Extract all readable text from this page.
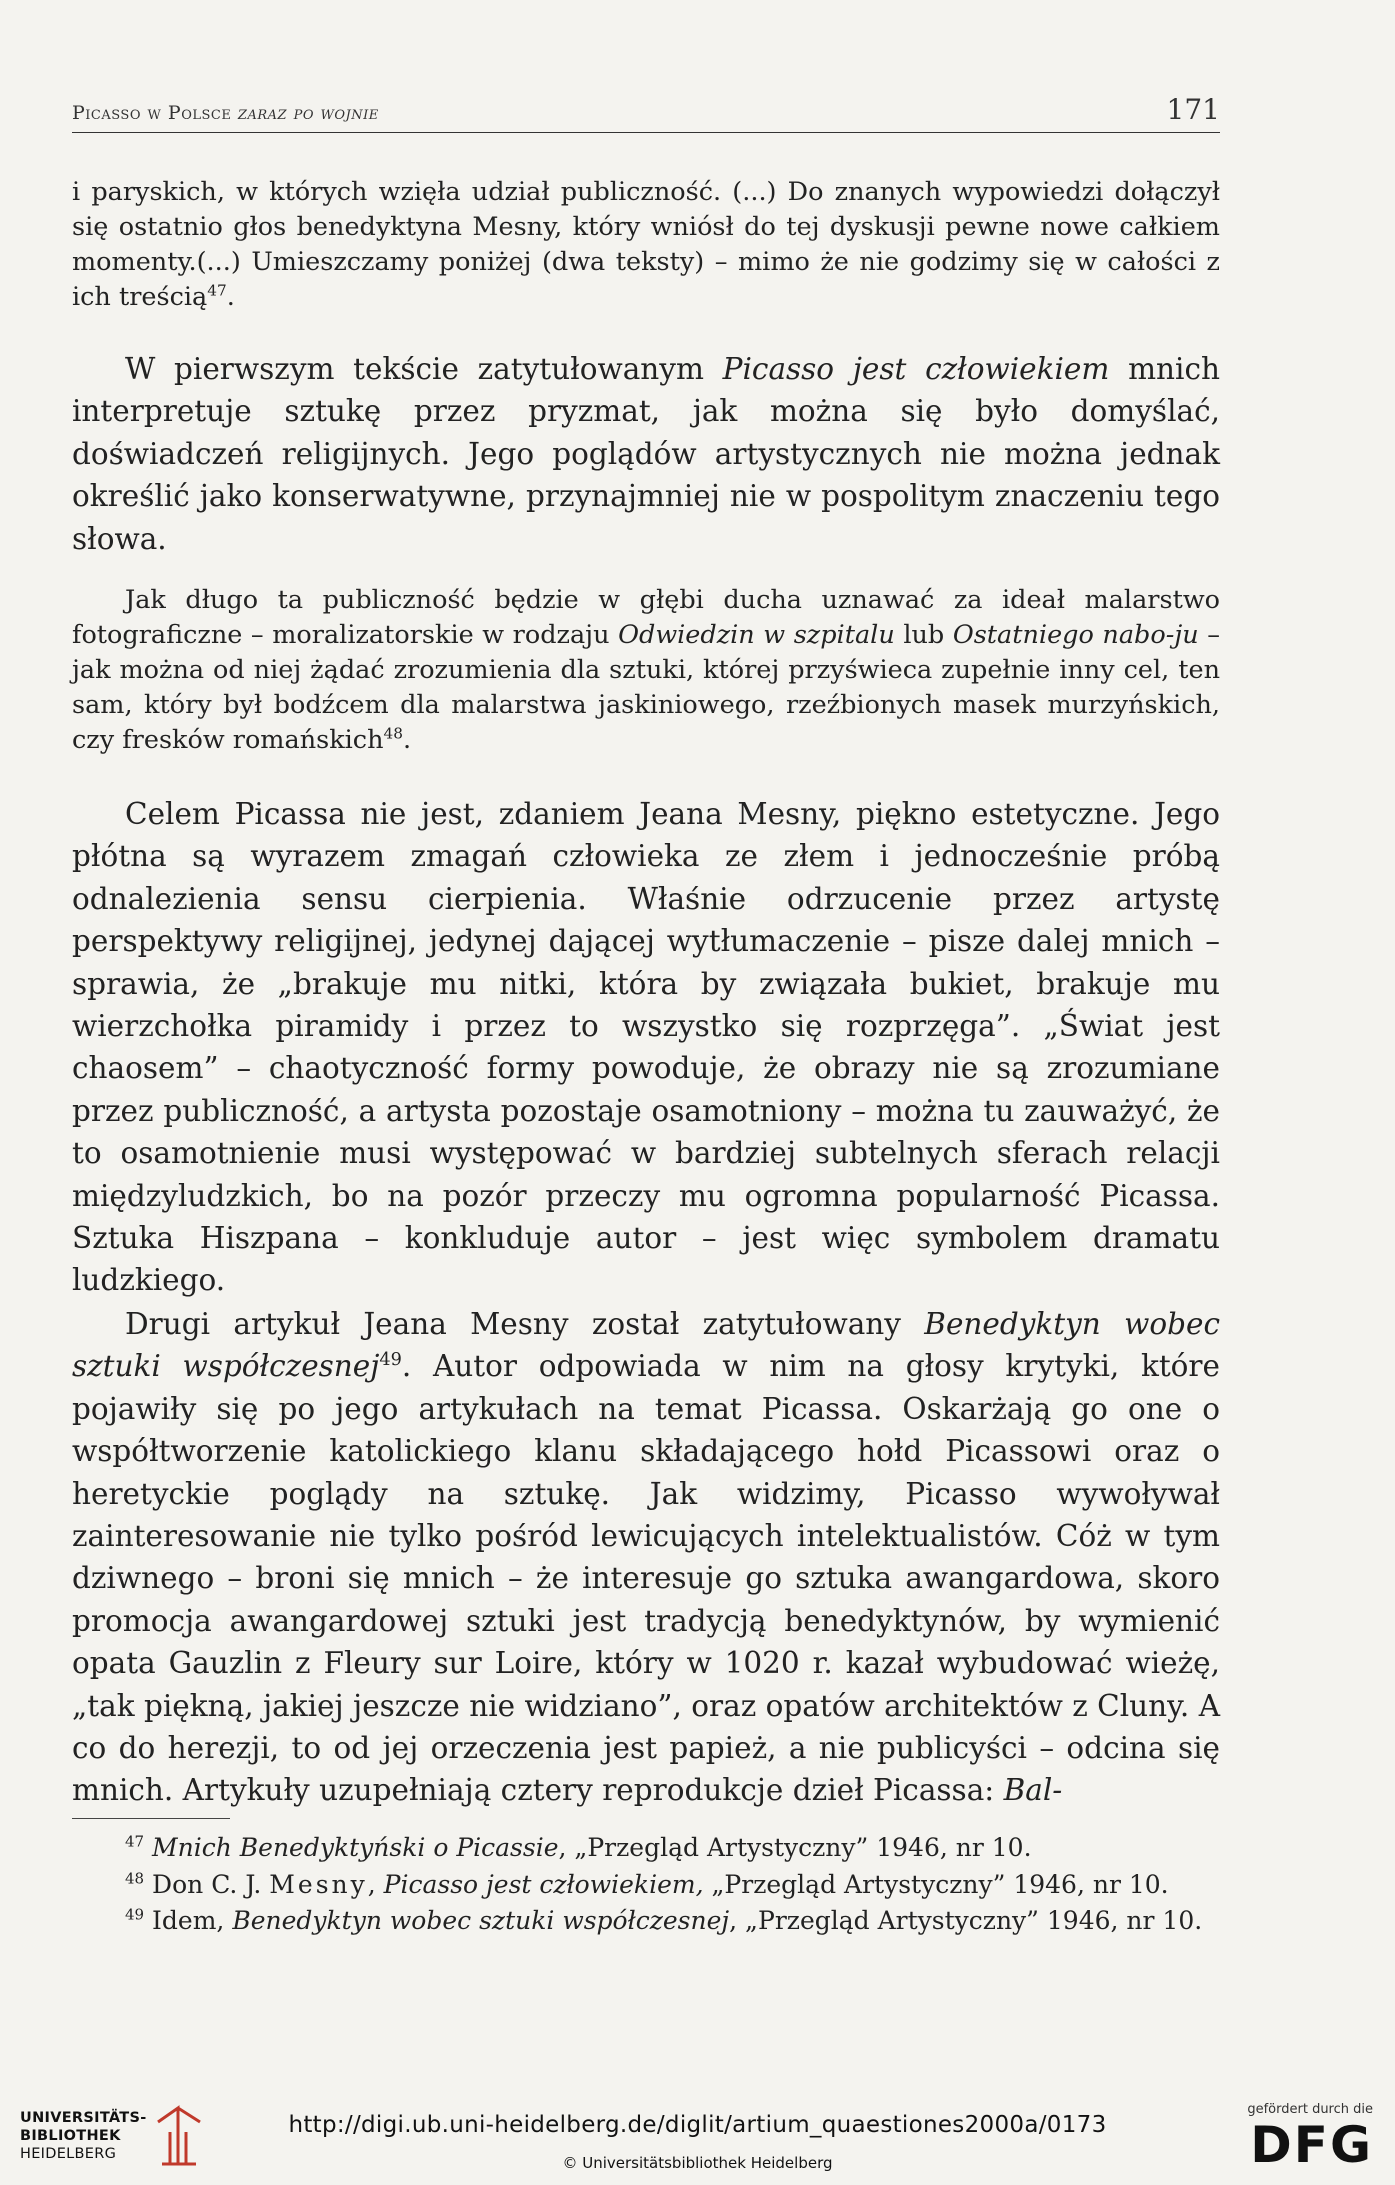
Picasso w Polsce zaraz po wojnie	171

i paryskich, w których wzięła udział publiczność. (...) Do znanych wypowiedzi dołączył się ostatnio głos benedyktyna Mesny, który wniósł do tej dyskusji pewne nowe całkiem momenty.(...) Umieszczamy poniżej (dwa teksty) – mimo że nie godzimy się w całości z ich treścią$^{47}$.

W pierwszym tekście zatytułowanym Picasso jest człowiekiem mnich interpretuje sztukę przez pryzmat, jak można się było domyślać, doświadczeń religijnych. Jego poglądów artystycznych nie można jednak określić jako konserwatywne, przynajmniej nie w pospolitym znaczeniu tego słowa.

Jak długo ta publiczność będzie w głębi ducha uznawać za ideał malarstwo fotograficzne – moralizatorskie w rodzaju Odwiedzin w szpitalu lub Ostatniego nabo-ju – jak można od niej żądać zrozumienia dla sztuki, której przyświeca zupełnie inny cel, ten sam, który był bodźcem dla malarstwa jaskiniowego, rzeźbionych masek murzyńskich, czy fresków romańskich$^{48}$.

Celem Picassa nie jest, zdaniem Jeana Mesny, piękno estetyczne. Jego płótna są wyrazem zmagań człowieka ze złem i jednocześnie próbą odnalezienia sensu cierpienia. Właśnie odrzucenie przez artystę perspektywy religijnej, jedynej dającej wytłumaczenie – pisze dalej mnich – sprawia, że „brakuje mu nitki, która by związała bukiet, brakuje mu wierzchołka piramidy i przez to wszystko się rozprzęga”. „Świat jest chaosem” – chaotyczność formy powoduje, że obrazy nie są zrozumiane przez publiczność, a artysta pozostaje osamotniony – można tu zauważyć, że to osamotnienie musi występować w bardziej subtelnych sferach relacji międzyludzkich, bo na pozór przeczy mu ogromna popularność Picassa. Sztuka Hiszpana – konkluduje autor – jest więc symbolem dramatu ludzkiego.

Drugi artykuł Jeana Mesny został zatytułowany Benedyktyn wobec sztuki współczesnej$^{49}$. Autor odpowiada w nim na głosy krytyki, które pojawiły się po jego artykułach na temat Picassa. Oskarżają go one o współtworzenie katolickiego klanu składającego hołd Picassowi oraz o heretyckie poglądy na sztukę. Jak widzimy, Picasso wywoływał zainteresowanie nie tylko pośród lewicujących intelektualistów. Cóż w tym dziwnego – broni się mnich – że interesuje go sztuka awangardowa, skoro promocja awangardowej sztuki jest tradycją benedyktynów, by wymienić opata Gauzlin z Fleury sur Loire, który w 1020 r. kazał wybudować wieżę, „tak piękną, jakiej jeszcze nie widziano”, oraz opatów architektów z Cluny. A co do herezji, to od jej orzeczenia jest papież, a nie publicyści – odcina się mnich. Artykuły uzupełniają cztery reprodukcje dzieł Picassa: Bal-

$^{47}$ Mnich Benedyktyński o Picassie, „Przegląd Artystyczny” 1946, nr 10.

$^{48}$ Don C. J. Mesny, Picasso jest człowiekiem, „Przegląd Artystyczny” 1946, nr 10.

$^{49}$ Idem, Benedyktyn wobec sztuki współczesnej, „Przegląd Artystyczny” 1946, nr 10.

UNIVERSITÄTS-
BIBLIOTHEK
HEIDELBERG
http://digi.ub.uni-heidelberg.de/diglit/artium_quaestiones2000a/0173
© Universitätsbibliothek Heidelberg
gefördert durch die
DFG
